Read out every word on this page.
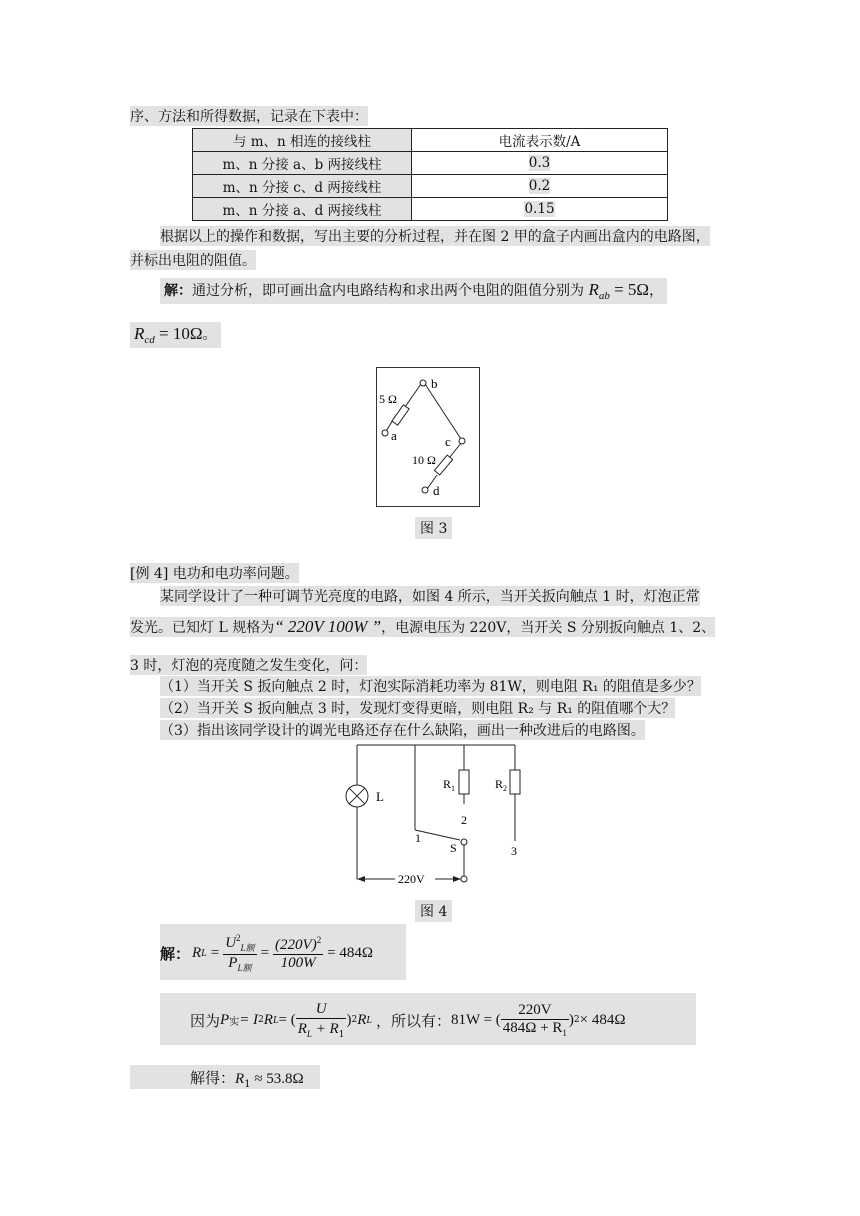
序、方法和所得数据，记录在下表中：
与 m、n 相连的接线柱	电流表示数/A
m、n 分接 a、b 两接线柱	0.3
m、n 分接 c、d 两接线柱	0.2
m、n 分接 a、d 两接线柱	0.15
根据以上的操作和数据，写出主要的分析过程，并在图 2 甲的盒子内画出盒内的电路图，
并标出电阻的阻值。
解：通过分析，即可画出盒内电路结构和求出两个电阻的阻值分别为 $R_{ab} = 5\Omega$，
$R_{cd} = 10\Omega$。
5 Ω
a
b
c
10 Ω
d
图 3
[例 4] 电功和电功率问题。
某同学设计了一种可调节光亮度的电路，如图 4 所示，当开关扳向触点 1 时，灯泡正常
发光。已知灯 L 规格为“ 220V 100W ”，电源电压为 220V，当开关 S 分别扳向触点 1、2、
3 时，灯泡的亮度随之发生变化，问：
（1）当开关 S 扳向触点 2 时，灯泡实际消耗功率为 81W，则电阻 R₁ 的阻值是多少？
（2）当开关 S 扳向触点 3 时，发现灯变得更暗，则电阻 R₂ 与 R₁ 的阻值哪个大？
（3）指出该同学设计的调光电路还存在什么缺陷，画出一种改进后的电路图。
L
$R_1$	$R_2$
2
1
3
S
220V
图 4
解： R $L = \frac{U^2_{L额}}{P_{L额}} = \frac{(220V)^2}{100W} = 484\Omega$
因为 P 实 = I 2 R L = ( $\frac{U}{R_L + R_1}$ ) 2 R L ，所以有： 81W = ( $\frac{220V}{484\Omega + R_1}$ ) 2 × 484Ω
解得：$R_1 \approx 53.8\Omega$
